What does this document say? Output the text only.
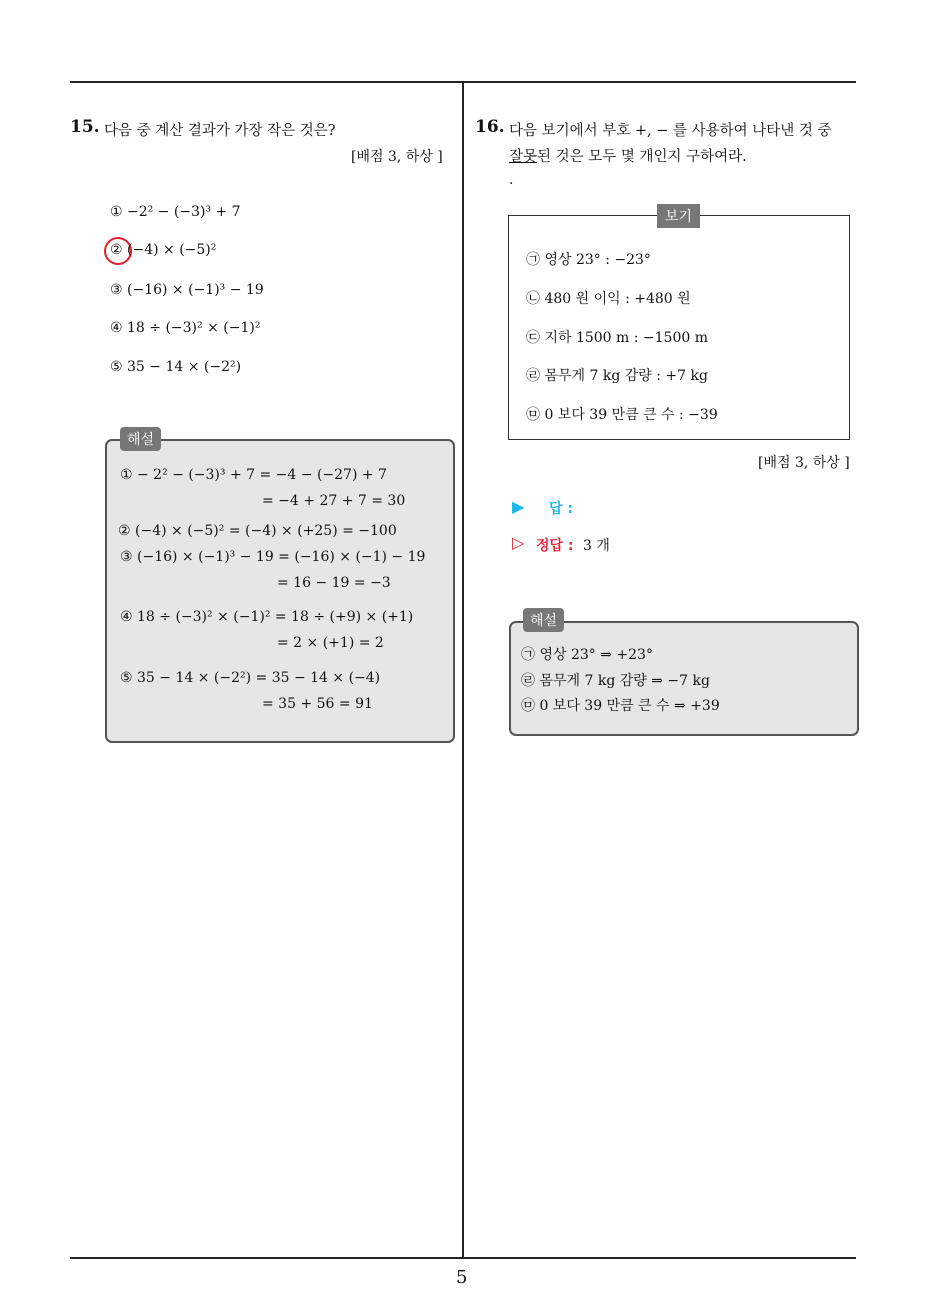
15. 다음 중 계산 결과가 가장 작은 것은?
[배점 3, 하상 ]
① −2² − (−3)³ + 7
② (−4) × (−5)²
③ (−16) × (−1)³ − 19
④ 18 ÷ (−3)² × (−1)²
⑤ 35 − 14 × (−2²)
해설
① − 2² − (−3)³ + 7 = −4 − (−27) + 7
= −4 + 27 + 7 = 30
② (−4) × (−5)² = (−4) × (+25) = −100
③ (−16) × (−1)³ − 19 = (−16) × (−1) − 19
= 16 − 19 = −3
④ 18 ÷ (−3)² × (−1)² = 18 ÷ (+9) × (+1)
= 2 × (+1) = 2
⑤ 35 − 14 × (−2²) = 35 − 14 × (−4)
= 35 + 56 = 91
16. 다음 보기에서 부호 +, − 를 사용하여 나타낸 것 중
잘못된 것은 모두 몇 개인지 구하여라.
.
보기
㉠ 영상 23° : −23°
㉡ 480 원 이익 : +480 원
㉢ 지하 1500 m : −1500 m
㉣ 몸무게 7 kg 감량 : +7 kg
㉤ 0 보다 39 만큼 큰 수 : −39
[배점 3, 하상 ]
▶ 답 :
▷ 정답 : 3 개
해설
㉠ 영상 23° ⇒ +23°
㉣ 몸무게 7 kg 감량 ⇒ −7 kg
㉤ 0 보다 39 만큼 큰 수 ⇒ +39
5
